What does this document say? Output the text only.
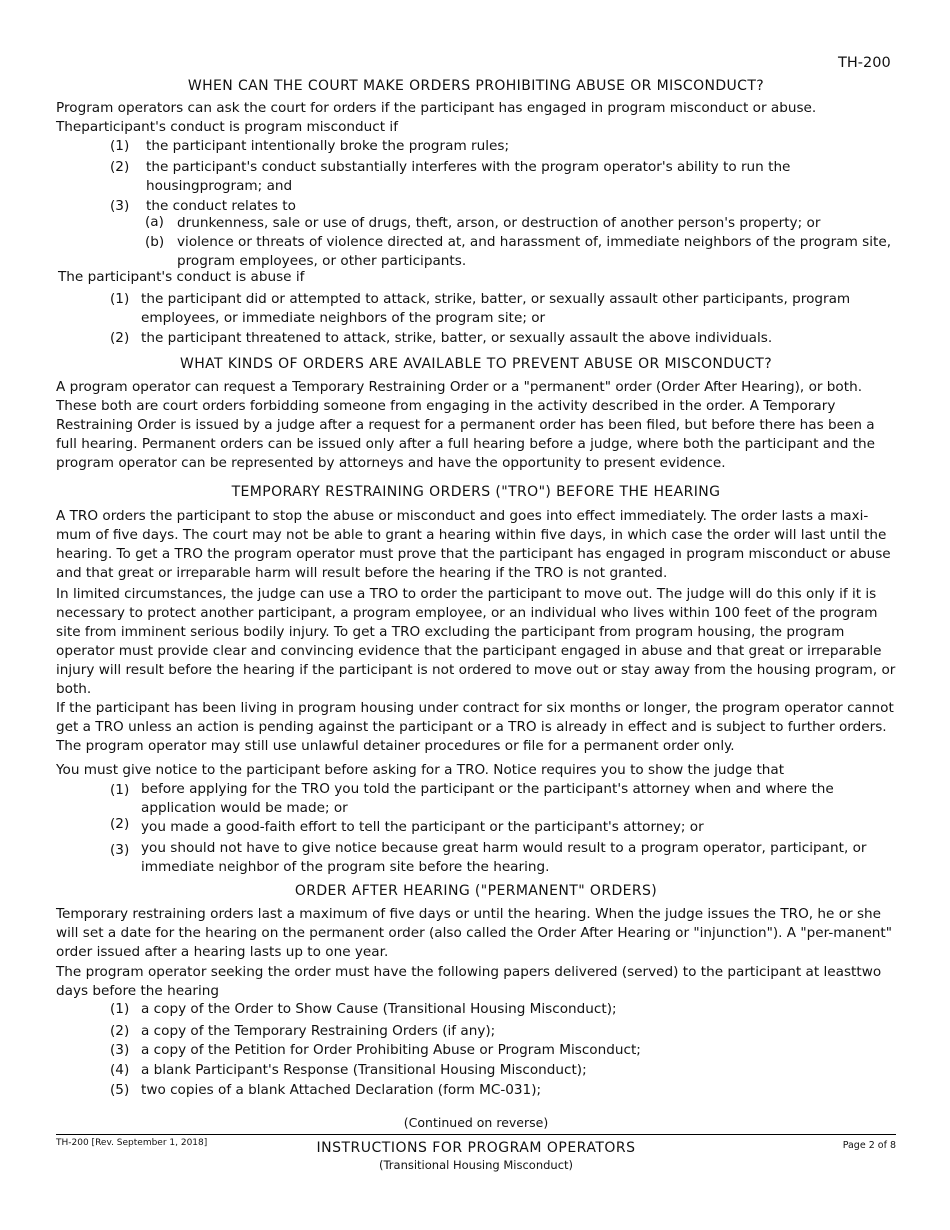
TH-200
WHEN CAN THE COURT MAKE ORDERS PROHIBITING ABUSE OR MISCONDUCT?

Program operators can ask the court for orders if the participant has engaged in program misconduct or abuse. Theparticipant's conduct is program misconduct if

(1) the participant intentionally broke the program rules;
(2) the participant's conduct substantially interferes with the program operator's ability to run the housingprogram; and
(3) the conduct relates to
(a) drunkenness, sale or use of drugs, theft, arson, or destruction of another person's property; or
(b) violence or threats of violence directed at, and harassment of, immediate neighbors of the program site, program employees, or other participants.
The participant's conduct is abuse if
(1) the participant did or attempted to attack, strike, batter, or sexually assault other participants, program employees, or immediate neighbors of the program site; or
(2) the participant threatened to attack, strike, batter, or sexually assault the above individuals.
WHAT KINDS OF ORDERS ARE AVAILABLE TO PREVENT ABUSE OR MISCONDUCT?

A program operator can request a Temporary Restraining Order or a "permanent" order (Order After Hearing), or both. These both are court orders forbidding someone from engaging in the activity described in the order. A Temporary Restraining Order is issued by a judge after a request for a permanent order has been filed, but before there has been a full hearing. Permanent orders can be issued only after a full hearing before a judge, where both the participant and the program operator can be represented by attorneys and have the opportunity to present evidence.

TEMPORARY RESTRAINING ORDERS ("TRO") BEFORE THE HEARING

A TRO orders the participant to stop the abuse or misconduct and goes into effect immediately. The order lasts a maxi-mum of five days. The court may not be able to grant a hearing within five days, in which case the order will last until the hearing. To get a TRO the program operator must prove that the participant has engaged in program misconduct or abuse and that great or irreparable harm will result before the hearing if the TRO is not granted.

In limited circumstances, the judge can use a TRO to order the participant to move out. The judge will do this only if it is necessary to protect another participant, a program employee, or an individual who lives within 100 feet of the program site from imminent serious bodily injury. To get a TRO excluding the participant from program housing, the program operator must provide clear and convincing evidence that the participant engaged in abuse and that great or irreparable injury will result before the hearing if the participant is not ordered to move out or stay away from the housing program, or both.

If the participant has been living in program housing under contract for six months or longer, the program operator cannot get a TRO unless an action is pending against the participant or a TRO is already in effect and is subject to further orders. The program operator may still use unlawful detainer procedures or file for a permanent order only.

You must give notice to the participant before asking for a TRO. Notice requires you to show the judge that

(1) before applying for the TRO you told the participant or the participant's attorney when and where the application would be made; or
(2) you made a good-faith effort to tell the participant or the participant's attorney; or
(3) you should not have to give notice because great harm would result to a program operator, participant, or immediate neighbor of the program site before the hearing.
ORDER AFTER HEARING ("PERMANENT" ORDERS)

Temporary restraining orders last a maximum of five days or until the hearing. When the judge issues the TRO, he or she will set a date for the hearing on the permanent order (also called the Order After Hearing or "injunction"). A "per-manent" order issued after a hearing lasts up to one year.

The program operator seeking the order must have the following papers delivered (served) to the participant at leasttwo days before the hearing

(1) a copy of the Order to Show Cause (Transitional Housing Misconduct);
(2) a copy of the Temporary Restraining Orders (if any);
(3) a copy of the Petition for Order Prohibiting Abuse or Program Misconduct;
(4) a blank Participant's Response (Transitional Housing Misconduct);
(5) two copies of a blank Attached Declaration (form MC-031);
(Continued on reverse)
TH-200 [Rev. September 1, 2018]	INSTRUCTIONS FOR PROGRAM OPERATORS
(Transitional Housing Misconduct)
Page 2 of 8
